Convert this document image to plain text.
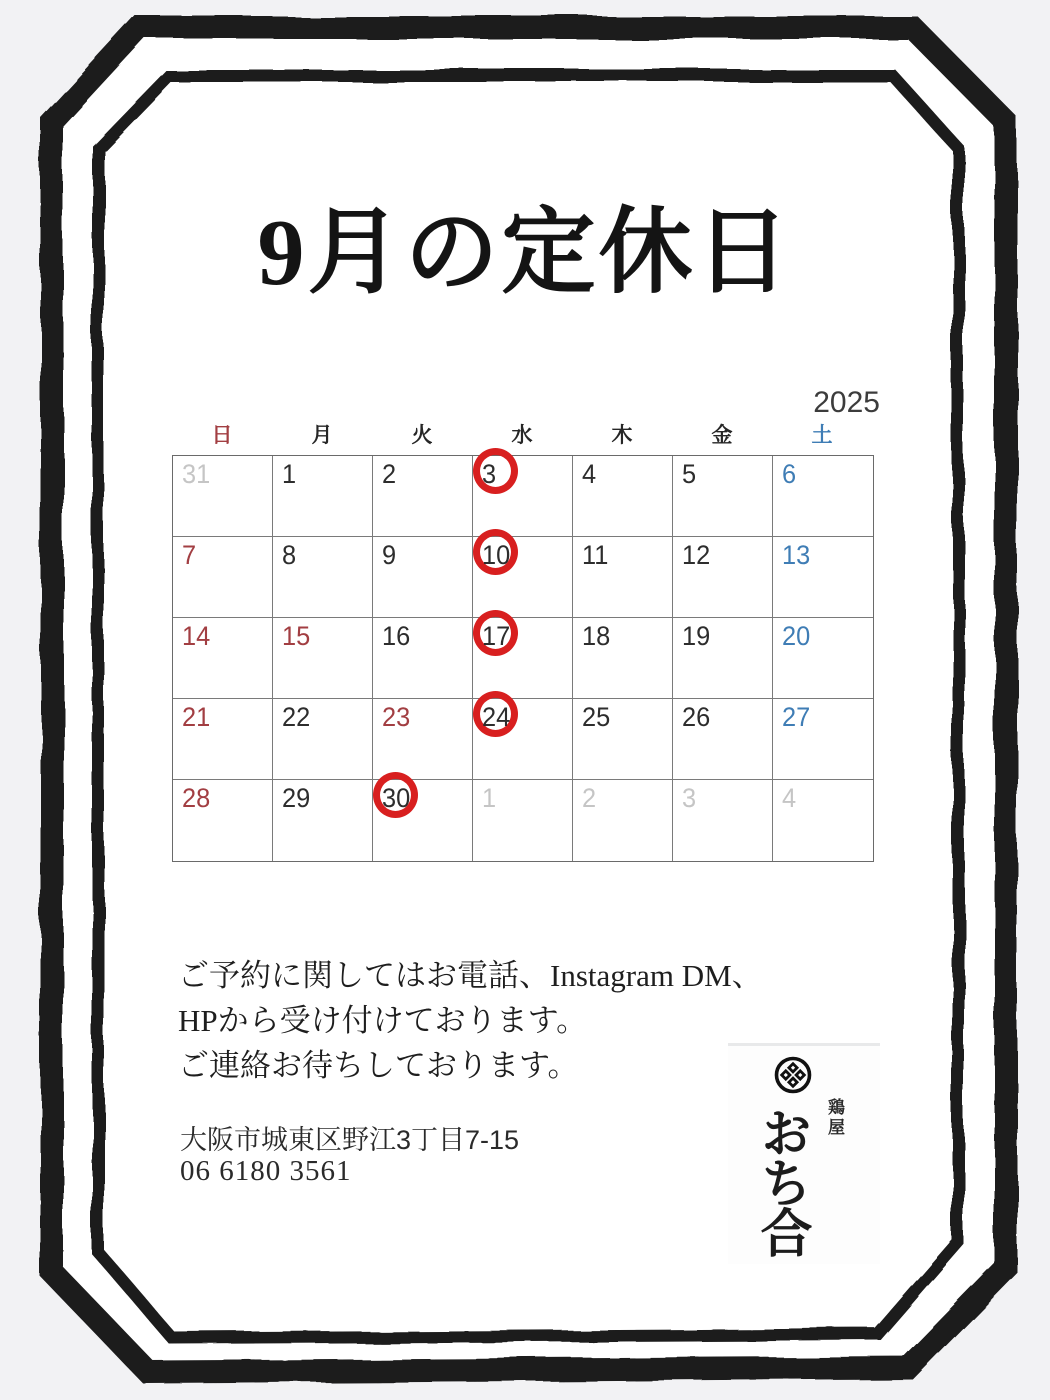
9月の定休日
2025
日	月	火	水	木	金	土
31	1	2	3	4	5	6
7	8	9	10	11	12	13
14	15	16	17	18	19	20
21	22	23	24	25	26	27
28	29	30	1	2	3	4
ご予約に関してはお電話、Instagram DM、
HPから受け付けております。
ご連絡お待ちしております。
大阪市城東区野江3丁目7-15
06 6180 3561
鶏屋
おち合
